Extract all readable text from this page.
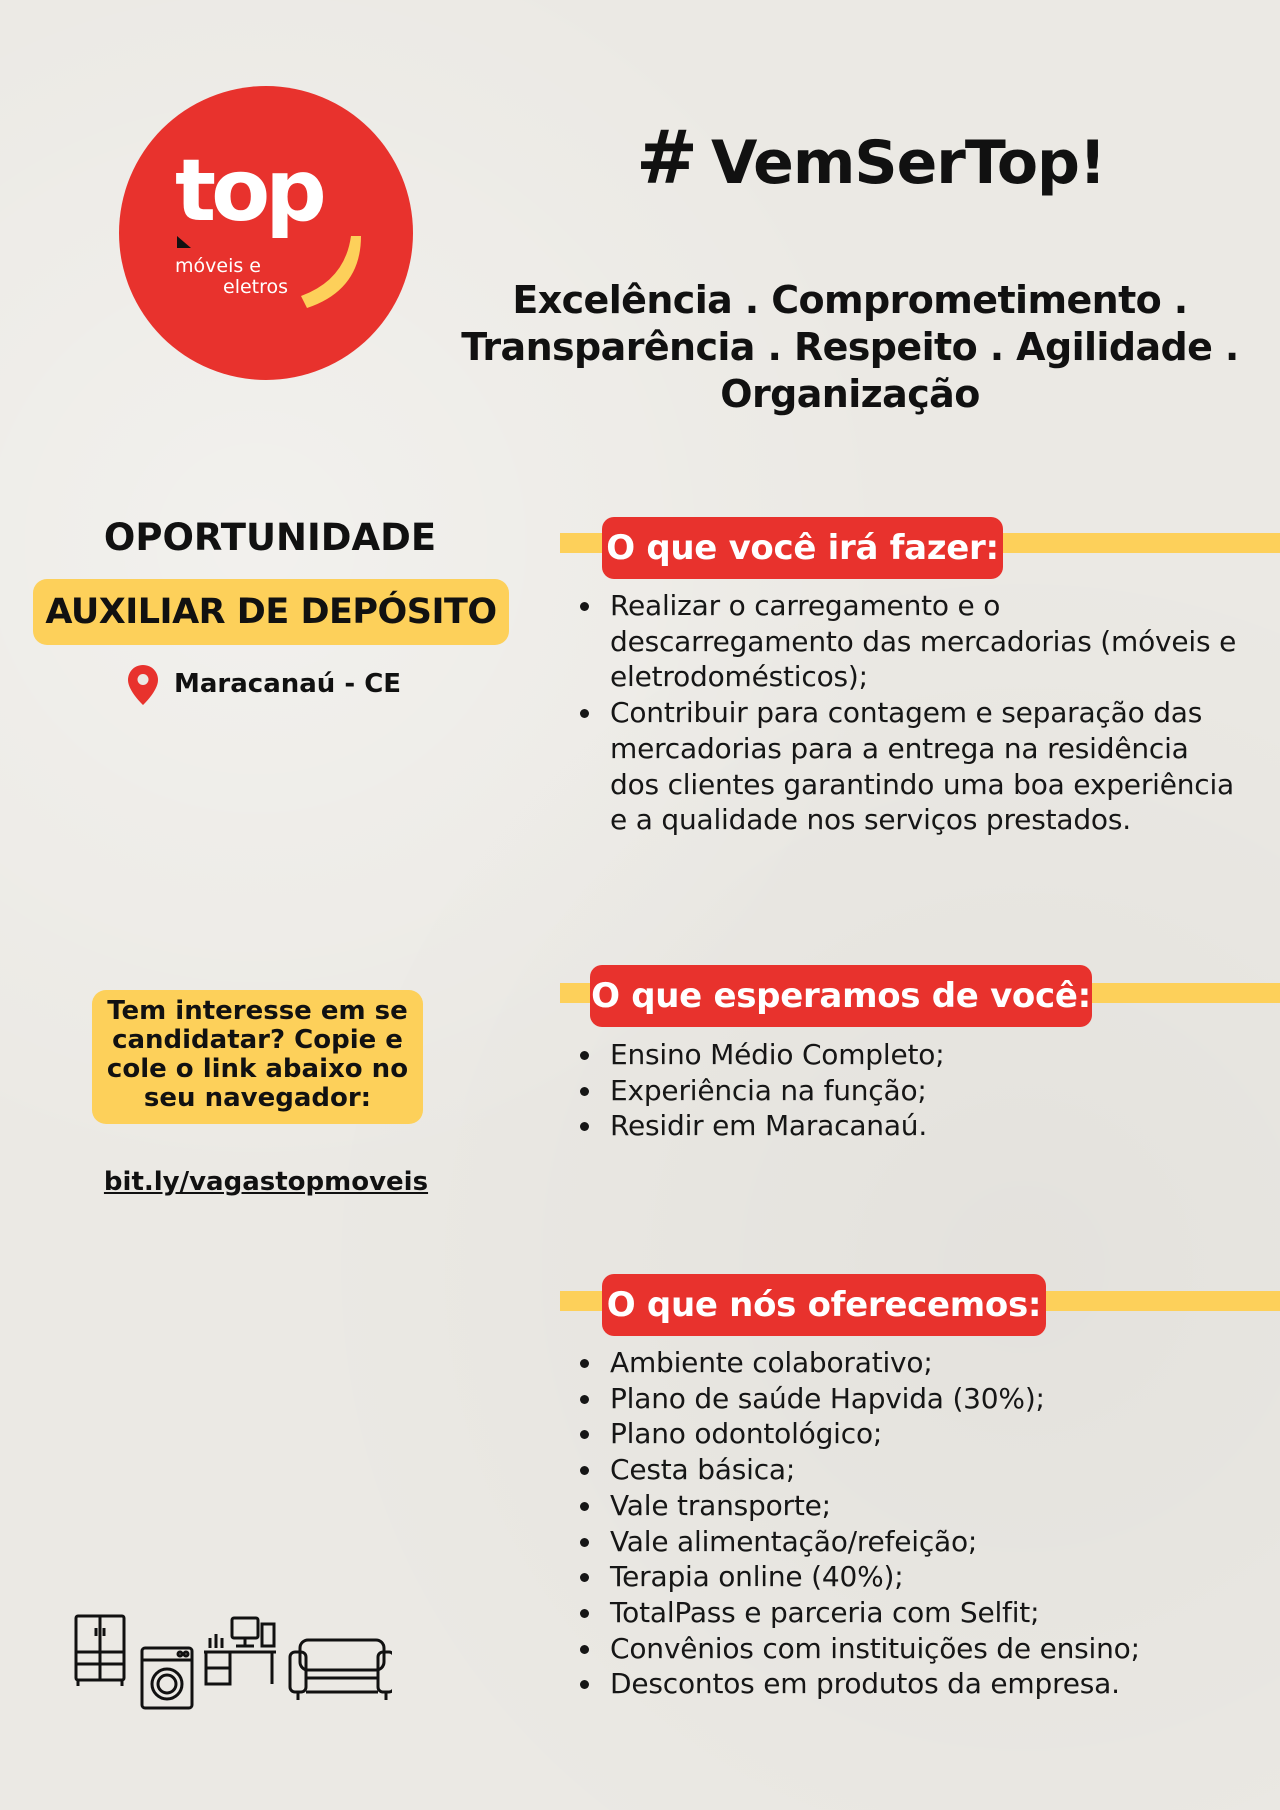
top
móveis e
eletros
# VemSerTop!
Excelência . Comprometimento .
Transparência . Respeito . Agilidade .
Organização
OPORTUNIDADE
AUXILIAR DE DEPÓSITO
Maracanaú - CE
Tem interesse em se
candidatar? Copie e
cole o link abaixo no
seu navegador:
bit.ly/vagastopmoveis
O que você irá fazer:
Realizar o carregamento e o
descarregamento das mercadorias (móveis e
eletrodomésticos);
Contribuir para contagem e separação das
mercadorias para a entrega na residência
dos clientes garantindo uma boa experiência
e a qualidade nos serviços prestados.
O que esperamos de você:
Ensino Médio Completo;
Experiência na função;
Residir em Maracanaú.
O que nós oferecemos:
Ambiente colaborativo;
Plano de saúde Hapvida (30%);
Plano odontológico;
Cesta básica;
Vale transporte;
Vale alimentação/refeição;
Terapia online (40%);
TotalPass e parceria com Selfit;
Convênios com instituições de ensino;
Descontos em produtos da empresa.
